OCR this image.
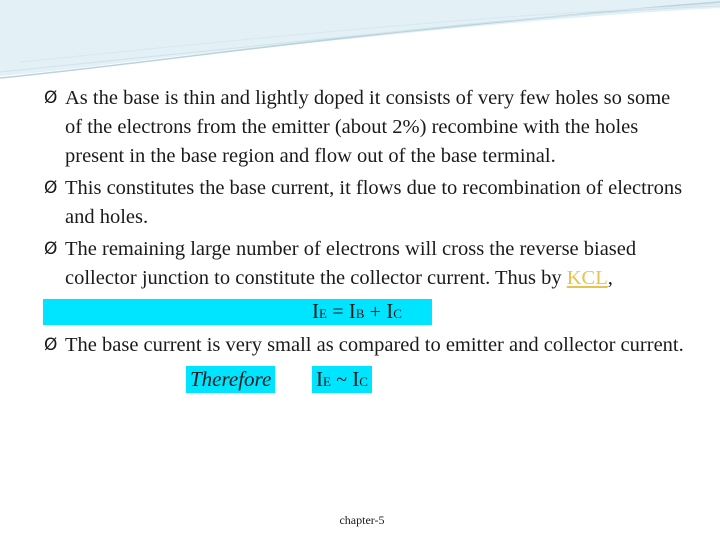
Ø As the base is thin and lightly doped it consists of very few holes so some of the electrons from the emitter (about 2%) recombine with the holes present in the base region and flow out of the base terminal.

Ø This constitutes the base current, it flows due to recombination of electrons and holes.

Ø The remaining large number of electrons will cross the reverse biased collector junction to constitute the collector current. Thus by KCL,

IE = IB + IC

Ø The base current is very small as compared to emitter and collector current.

Therefore IE ~ IC
chapter-5
